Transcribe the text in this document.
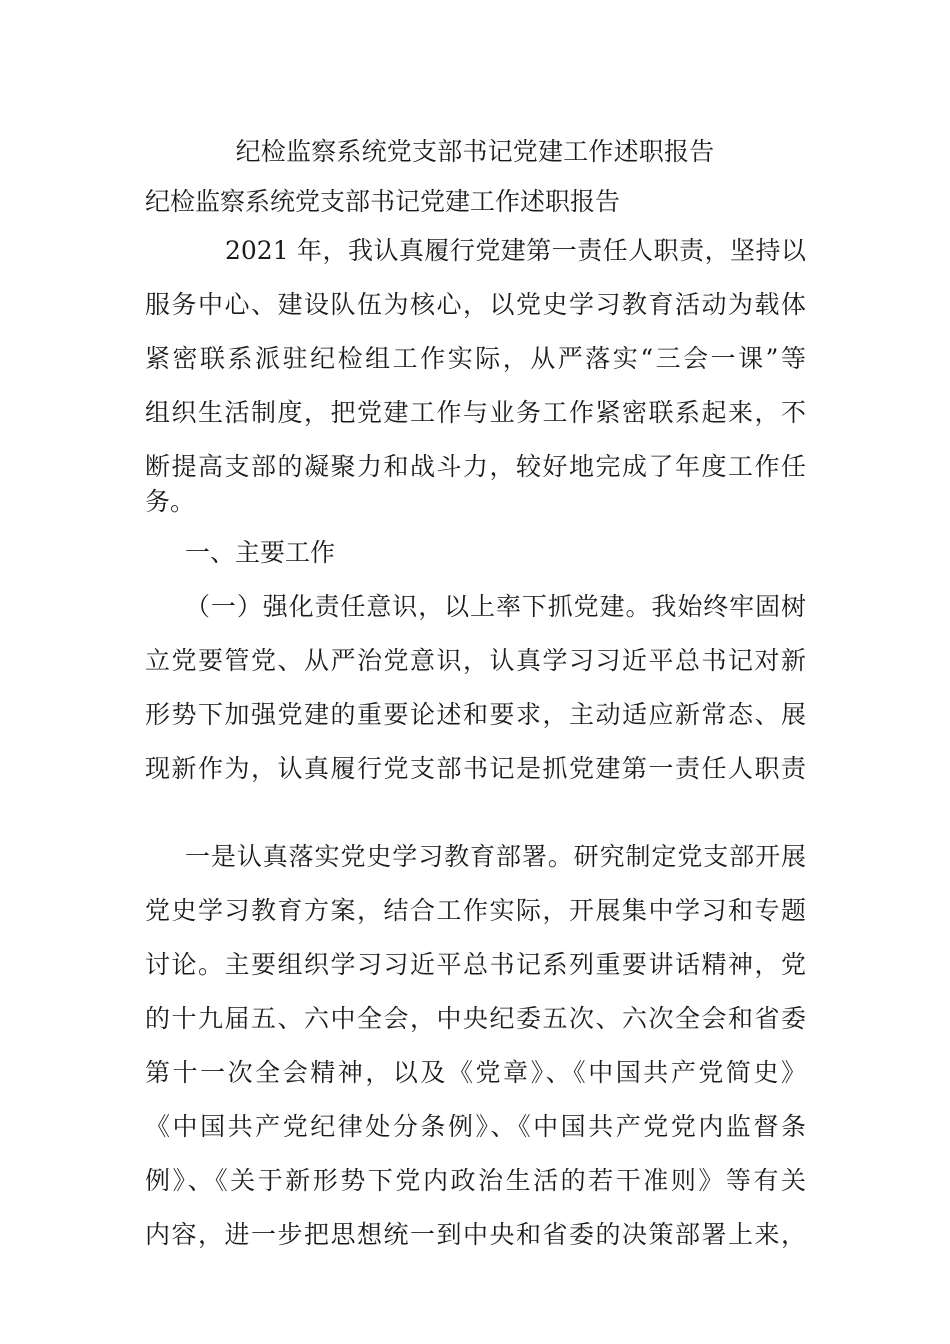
纪检监察系统党支部书记党建工作述职报告
纪检监察系统党支部书记党建工作述职报告
2021 年，我认真履行党建第一责任人职责，坚持以
服务中心、建设队伍为核心，以党史学习教育活动为载体
紧密联系派驻纪检组工作实际，从严落实“三会一课”等
组织生活制度，把党建工作与业务工作紧密联系起来，不
断提高支部的凝聚力和战斗力，较好地完成了年度工作任
务。
一、主要工作
（一）强化责任意识，以上率下抓党建。我始终牢固树
立党要管党、从严治党意识，认真学习习近平总书记对新
形势下加强党建的重要论述和要求，主动适应新常态、展
现新作为，认真履行党支部书记是抓党建第一责任人职责
一是认真落实党史学习教育部署。研究制定党支部开展
党史学习教育方案，结合工作实际，开展集中学习和专题
讨论。主要组织学习习近平总书记系列重要讲话精神，党
的十九届五、六中全会，中央纪委五次、六次全会和省委
第十一次全会精神，以及《党章》、《中国共产党简史》
《中国共产党纪律处分条例》、《中国共产党党内监督条
例》、《关于新形势下党内政治生活的若干准则》等有关
内容，进一步把思想统一到中央和省委的决策部署上来，
